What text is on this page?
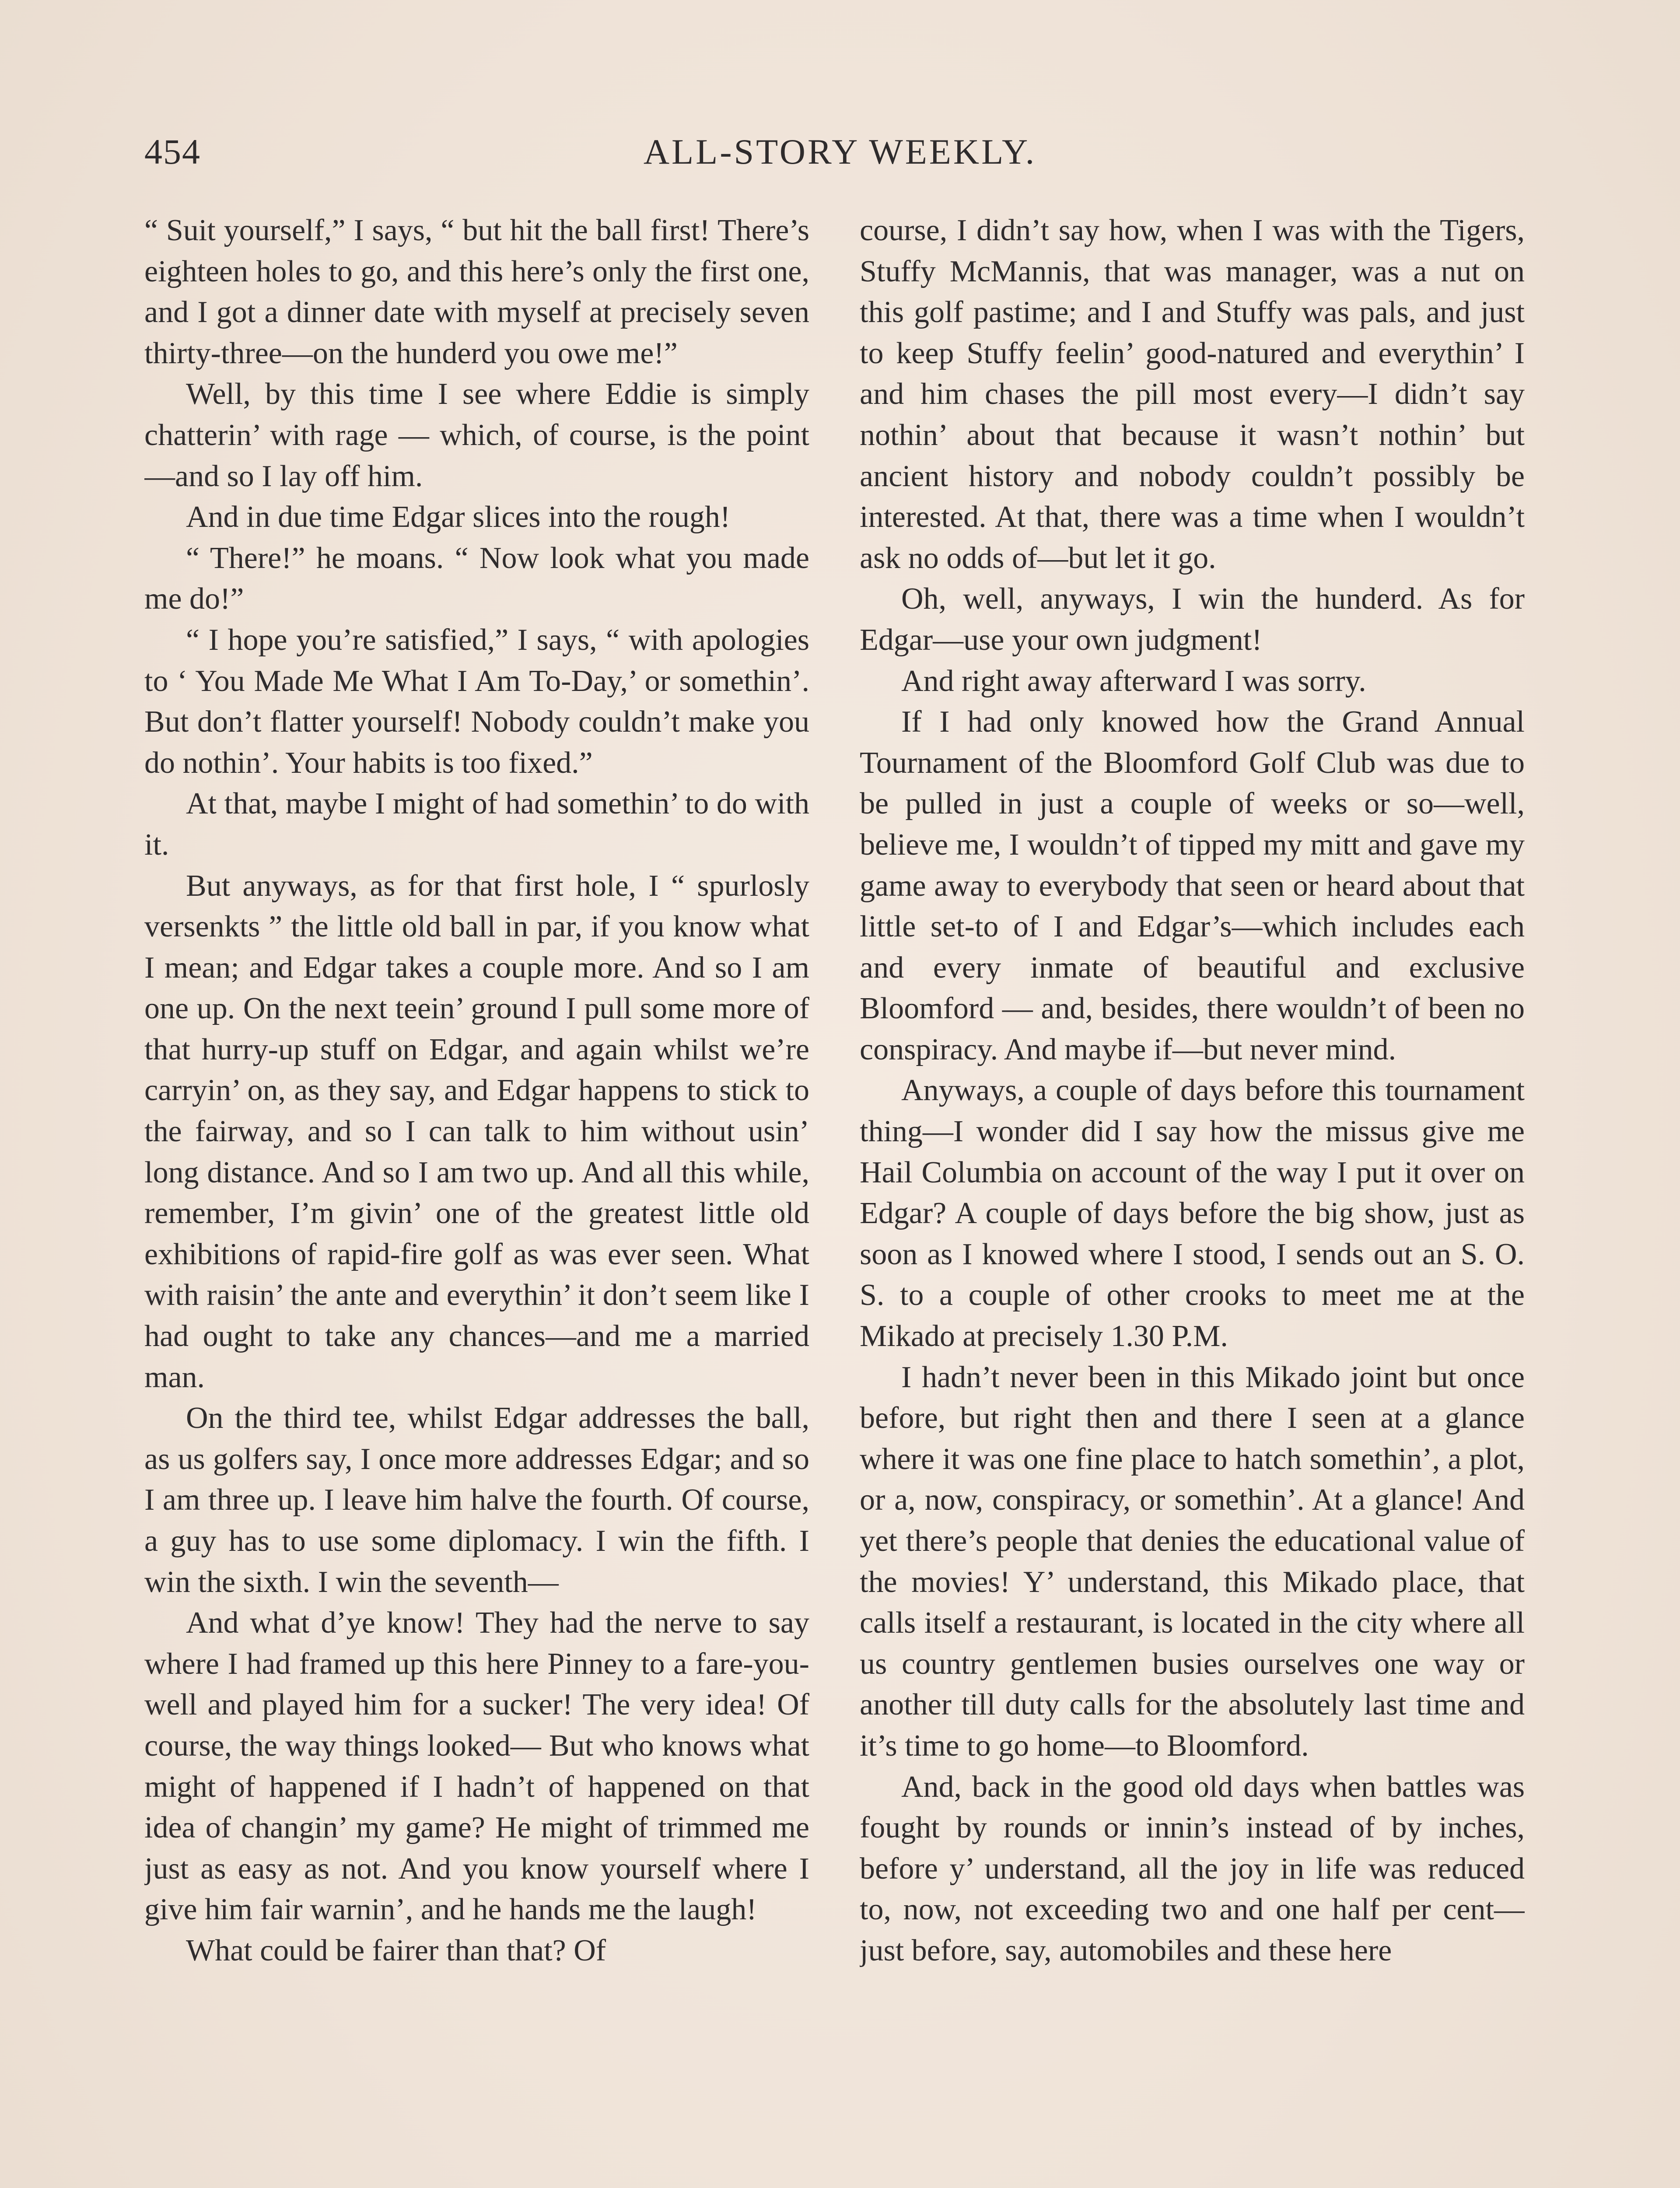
454	ALL-STORY WEEKLY.

“ Suit yourself,” I says, “ but hit the ball first! There’s eighteen holes to go, and this here’s only the first one, and I got a dinner date with myself at precisely seven thirty-three—on the hunderd you owe me!”

Well, by this time I see where Eddie is simply chatterin’ with rage — which, of course, is the point—and so I lay off him.

And in due time Edgar slices into the rough!

“ There!” he moans. “ Now look what you made me do!”

“ I hope you’re satisfied,” I says, “ with apologies to ‘ You Made Me What I Am To-Day,’ or somethin’. But don’t flatter yourself! Nobody couldn’t make you do nothin’. Your habits is too fixed.”

At that, maybe I might of had somethin’ to do with it.

But anyways, as for that first hole, I “ spurlosly versenkts ” the little old ball in par, if you know what I mean; and Edgar takes a couple more. And so I am one up. On the next teein’ ground I pull some more of that hurry-up stuff on Edgar, and again whilst we’re carryin’ on, as they say, and Edgar happens to stick to the fairway, and so I can talk to him without usin’ long distance. And so I am two up. And all this while, remember, I’m givin’ one of the greatest little old exhibitions of rapid-fire golf as was ever seen. What with raisin’ the ante and everythin’ it don’t seem like I had ought to take any chances—and me a married man.

On the third tee, whilst Edgar addresses the ball, as us golfers say, I once more addresses Edgar; and so I am three up. I leave him halve the fourth. Of course, a guy has to use some diplomacy. I win the fifth. I win the sixth. I win the seventh—

And what d’ye know! They had the nerve to say where I had framed up this here Pinney to a fare-you-well and played him for a sucker! The very idea! Of course, the way things looked— But who knows what might of happened if I hadn’t of happened on that idea of changin’ my game? He might of trimmed me just as easy as not. And you know yourself where I give him fair warnin’, and he hands me the laugh!

What could be fairer than that? Of

course, I didn’t say how, when I was with the Tigers, Stuffy McMannis, that was manager, was a nut on this golf pastime; and I and Stuffy was pals, and just to keep Stuffy feelin’ good-natured and everythin’ I and him chases the pill most every—I didn’t say nothin’ about that because it wasn’t nothin’ but ancient history and nobody couldn’t possibly be interested. At that, there was a time when I wouldn’t ask no odds of—but let it go.

Oh, well, anyways, I win the hunderd. As for Edgar—use your own judgment!

And right away afterward I was sorry.

If I had only knowed how the Grand Annual Tournament of the Bloomford Golf Club was due to be pulled in just a couple of weeks or so—well, believe me, I wouldn’t of tipped my mitt and gave my game away to everybody that seen or heard about that little set-to of I and Edgar’s—which includes each and every inmate of beautiful and exclusive Bloomford — and, besides, there wouldn’t of been no conspiracy. And maybe if—but never mind.

Anyways, a couple of days before this tournament thing—I wonder did I say how the missus give me Hail Columbia on account of the way I put it over on Edgar? A couple of days before the big show, just as soon as I knowed where I stood, I sends out an S. O. S. to a couple of other crooks to meet me at the Mikado at precisely 1.30 P.M.

I hadn’t never been in this Mikado joint but once before, but right then and there I seen at a glance where it was one fine place to hatch somethin’, a plot, or a, now, conspiracy, or somethin’. At a glance! And yet there’s people that denies the educational value of the movies! Y’ understand, this Mikado place, that calls itself a restaurant, is located in the city where all us country gentlemen busies ourselves one way or another till duty calls for the absolutely last time and it’s time to go home—to Bloomford.

And, back in the good old days when battles was fought by rounds or innin’s instead of by inches, before y’ understand, all the joy in life was reduced to, now, not exceeding two and one half per cent—just before, say, automobiles and these here
